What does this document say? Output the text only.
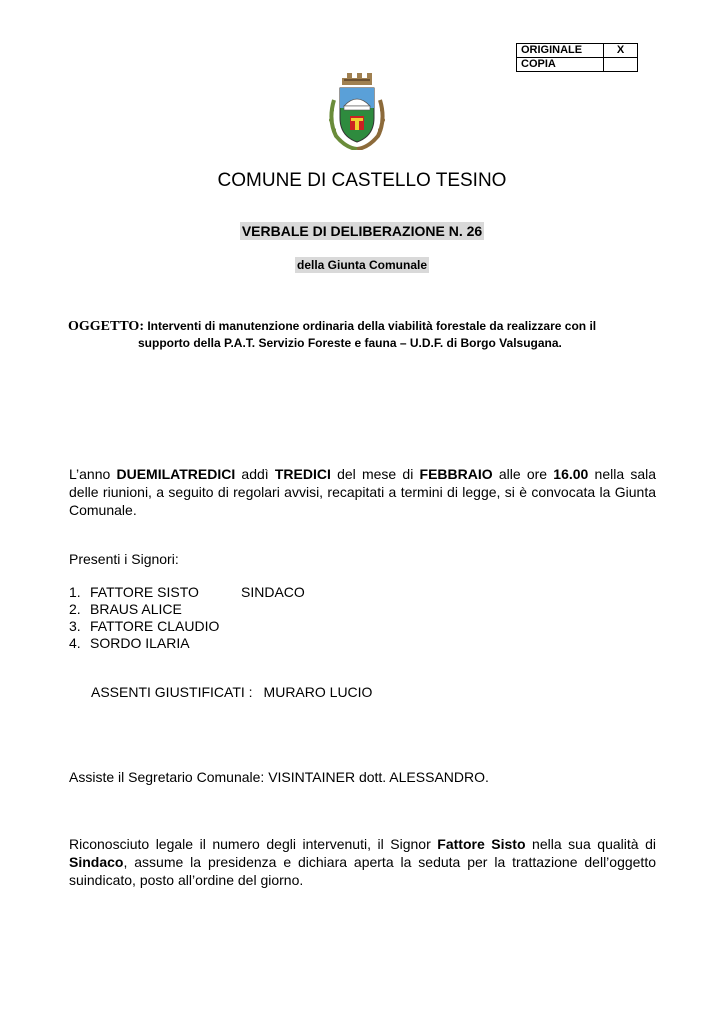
ORIGINALE	X
COPIA	
COMUNE DI CASTELLO TESINO
VERBALE DI DELIBERAZIONE N. 26
della Giunta Comunale
OGGETTO: Interventi di manutenzione ordinaria della viabilità forestale da realizzare con il
supporto della P.A.T. Servizio Foreste e fauna – U.D.F. di Borgo Valsugana.
L’anno DUEMILATREDICI addì TREDICI del mese di FEBBRAIO alle ore 16.00 nella sala delle riunioni, a seguito di regolari avvisi, recapitati a termini di legge, si è convocata la Giunta Comunale.
Presenti i Signori:
1. FATTORE SISTO	SINDACO
2. BRAUS ALICE
3. FATTORE CLAUDIO
4. SORDO ILARIA
ASSENTI GIUSTIFICATI : MURARO LUCIO
Assiste il Segretario Comunale: VISINTAINER dott. ALESSANDRO.
Riconosciuto legale il numero degli intervenuti, il Signor Fattore Sisto nella sua qualità di Sindaco, assume la presidenza e dichiara aperta la seduta per la trattazione dell’oggetto suindicato, posto all’ordine del giorno.
